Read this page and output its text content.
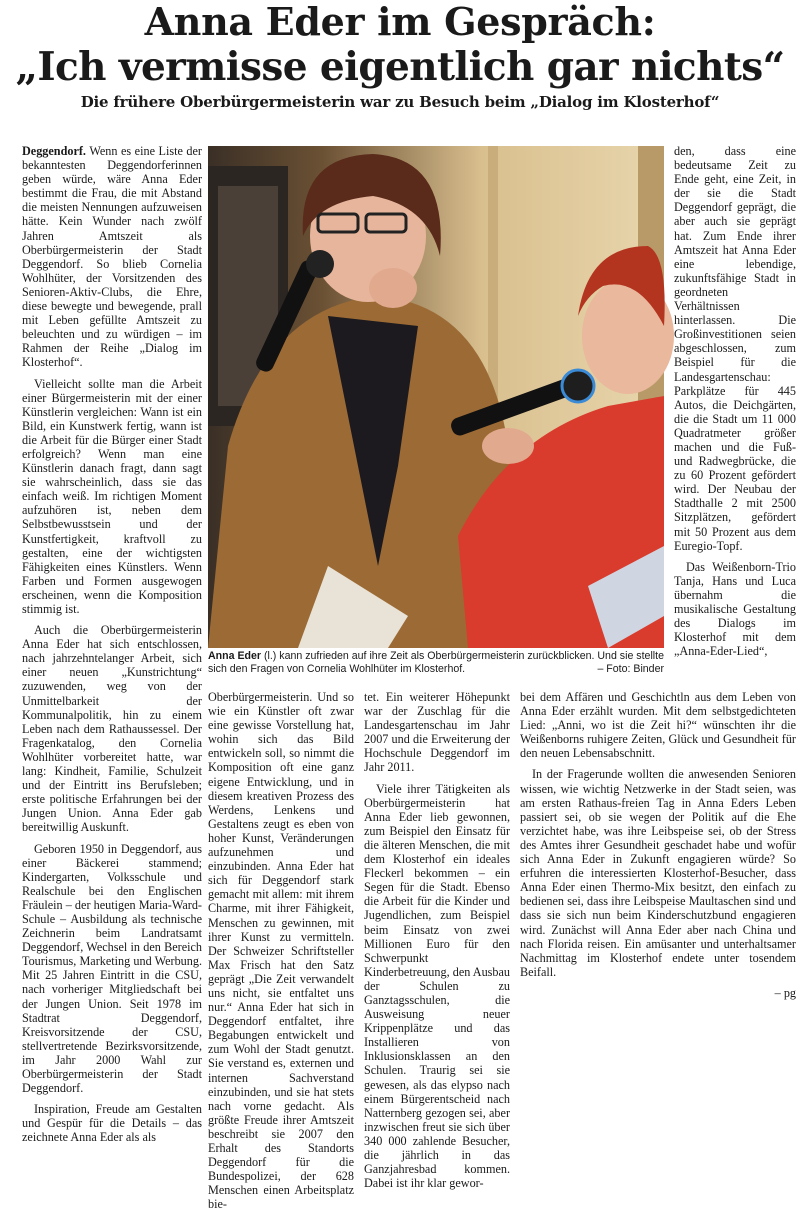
Anna Eder im Gespräch:
„Ich vermisse eigentlich gar nichts“
Die frühere Oberbürgermeisterin war zu Besuch beim „Dialog im Klosterhof“

Deggendorf. Wenn es eine Liste der bekanntesten Deggendorferinnen geben würde, wäre Anna Eder bestimmt die Frau, die mit Abstand die meisten Nennungen aufzuweisen hätte. Kein Wunder nach zwölf Jahren Amtszeit als Oberbürgermeisterin der Stadt Deggendorf. So blieb Cornelia Wohlhüter, der Vorsitzenden des Senioren-Aktiv-Clubs, die Ehre, diese bewegte und bewegende, prall mit Leben gefüllte Amtszeit zu beleuchten und zu würdigen – im Rahmen der Reihe „Dialog im Klosterhof“.

Vielleicht sollte man die Arbeit einer Bürgermeisterin mit der einer Künstlerin vergleichen: Wann ist ein Bild, ein Kunstwerk fertig, wann ist die Arbeit für die Bürger einer Stadt erfolgreich? Wenn man eine Künstlerin danach fragt, dann sagt sie wahrscheinlich, dass sie das einfach weiß. Im richtigen Moment aufzuhören ist, neben dem Selbstbewusstsein und der Kunstfertigkeit, kraftvoll zu gestalten, eine der wichtigsten Fähigkeiten eines Künstlers. Wenn Farben und Formen ausgewogen erscheinen, wenn die Komposition stimmig ist.

Auch die Oberbürgermeisterin Anna Eder hat sich entschlossen, nach jahrzehntelanger Arbeit, sich einer neuen „Kunstrichtung“ zuzuwenden, weg von der Unmittelbarkeit der Kommunalpolitik, hin zu einem Leben nach dem Rathaussessel. Der Fragenkatalog, den Cornelia Wohlhüter vorbereitet hatte, war lang: Kindheit, Familie, Schulzeit und der Eintritt ins Berufsleben; erste politische Erfahrungen bei der Jungen Union. Anna Eder gab bereitwillig Auskunft.

Geboren 1950 in Deggendorf, aus einer Bäckerei stammend; Kindergarten, Volksschule und Realschule bei den Englischen Fräulein – der heutigen Maria-Ward-Schule – Ausbildung als technische Zeichnerin beim Landratsamt Deggendorf, Wechsel in den Bereich Tourismus, Marketing und Werbung. Mit 25 Jahren Eintritt in die CSU, nach vorheriger Mitgliedschaft bei der Jungen Union. Seit 1978 im Stadtrat Deggendorf, Kreisvorsitzende der CSU, stellvertretende Bezirksvorsitzende, im Jahr 2000 Wahl zur Oberbürgermeisterin der Stadt Deggendorf.

Inspiration, Freude am Gestalten und Gespür für die Details – das zeichnete Anna Eder als als

Anna Eder (l.) kann zufrieden auf ihre Zeit als Oberbürgermeisterin zurückblicken. Und sie stellte sich den Fragen von Cornelia Wohlhüter im Klosterhof.	– Foto: Binder

Oberbürgermeisterin. Und so wie ein Künstler oft zwar eine gewisse Vorstellung hat, wohin sich das Bild entwickeln soll, so nimmt die Komposition oft eine ganz eigene Entwicklung, und in diesem kreativen Prozess des Werdens, Lenkens und Gestaltens zeugt es eben von hoher Kunst, Veränderungen aufzunehmen und einzubinden. Anna Eder hat sich für Deggendorf stark gemacht mit allem: mit ihrem Charme, mit ihrer Fähigkeit, Menschen zu gewinnen, mit ihrer Kunst zu vermitteln. Der Schweizer Schriftsteller Max Frisch hat den Satz geprägt „Die Zeit verwandelt uns nicht, sie entfaltet uns nur.“ Anna Eder hat sich in Deggendorf entfaltet, ihre Begabungen entwickelt und zum Wohl der Stadt genutzt. Sie verstand es, externen und internen Sachverstand einzubinden, und sie hat stets nach vorne gedacht. Als größte Freude ihrer Amtszeit beschreibt sie 2007 den Erhalt des Standorts Deggendorf für die Bundespolizei, der 628 Menschen einen Arbeitsplatz bie-

tet. Ein weiterer Höhepunkt war der Zuschlag für die Landesgartenschau im Jahr 2007 und die Erweiterung der Hochschule Deggendorf im Jahr 2011.

Viele ihrer Tätigkeiten als Oberbürgermeisterin hat Anna Eder lieb gewonnen, zum Beispiel den Einsatz für die älteren Menschen, die mit dem Klosterhof ein ideales Fleckerl bekommen – ein Segen für die Stadt. Ebenso die Arbeit für die Kinder und Jugendlichen, zum Beispiel beim Einsatz von zwei Millionen Euro für den Schwerpunkt Kinderbetreuung, den Ausbau der Schulen zu Ganztagsschulen, die Ausweisung neuer Krippenplätze und das Installieren von Inklusionsklassen an den Schulen. Traurig sei sie gewesen, als das elypso nach einem Bürgerentscheid nach Natternberg gezogen sei, aber inzwischen freut sie sich über 340 000 zahlende Besucher, die jährlich in das Ganzjahresbad kommen. Dabei ist ihr klar gewor-

den, dass eine bedeutsame Zeit zu Ende geht, eine Zeit, in der sie die Stadt Deggendorf geprägt, die aber auch sie geprägt hat. Zum Ende ihrer Amtszeit hat Anna Eder eine lebendige, zukunftsfähige Stadt in geordneten Verhältnissen hinterlassen. Die Großinvestitionen seien abgeschlossen, zum Beispiel für die Landesgartenschau: Parkplätze für 445 Autos, die Deichgärten, die die Stadt um 11 000 Quadratmeter größer machen und die Fuß- und Radwegbrücke, die zu 60 Prozent gefördert wird. Der Neubau der Stadthalle 2 mit 2500 Sitzplätzen, gefördert mit 50 Prozent aus dem Euregio-Topf.

Das Weißenborn-Trio Tanja, Hans und Luca übernahm die musikalische Gestaltung des Dialogs im Klosterhof mit dem „Anna-Eder-Lied“,

bei dem Affären und Geschichtln aus dem Leben von Anna Eder erzählt wurden. Mit dem selbstgedichteten Lied: „Anni, wo ist die Zeit hi?“ wünschten ihr die Weißenborns ruhigere Zeiten, Glück und Gesundheit für den neuen Lebensabschnitt.

In der Fragerunde wollten die anwesenden Senioren wissen, wie wichtig Netzwerke in der Stadt seien, was am ersten Rathaus-freien Tag in Anna Eders Leben passiert sei, ob sie wegen der Politik auf die Ehe verzichtet habe, was ihre Leibspeise sei, ob der Stress des Amtes ihrer Gesundheit geschadet habe und wofür sich Anna Eder in Zukunft engagieren würde? So erfuhren die interessierten Klosterhof-Besucher, dass Anna Eder einen Thermo-Mix besitzt, den einfach zu bedienen sei, dass ihre Leibspeise Maultaschen sind und dass sie sich nun beim Kinderschutzbund engagieren wird. Zunächst will Anna Eder aber nach China und nach Florida reisen. Ein amüsanter und unterhaltsamer Nachmittag im Klosterhof endete unter tosendem Beifall.

– pg
